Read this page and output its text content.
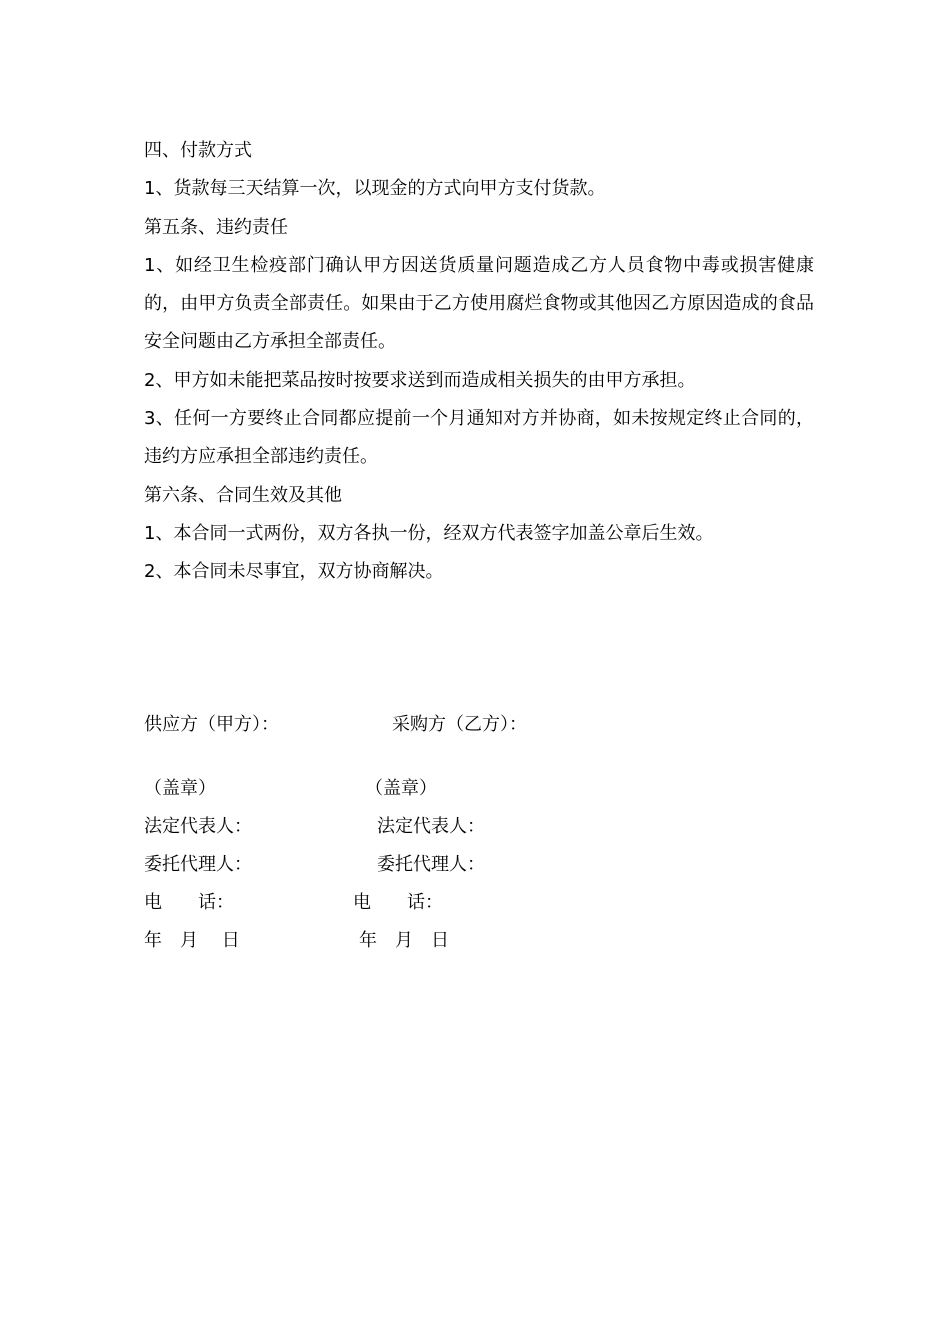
四、付款方式
1、货款每三天结算一次，以现金的方式向甲方支付货款。
第五条、违约责任
1、如经卫生检疫部门确认甲方因送货质量问题造成乙方人员食物中毒或损害健康的，由甲方负责全部责任。如果由于乙方使用腐烂食物或其他因乙方原因造成的食品安全问题由乙方承担全部责任。
2、甲方如未能把菜品按时按要求送到而造成相关损失的由甲方承担。
3、任何一方要终止合同都应提前一个月通知对方并协商，如未按规定终止合同的，违约方应承担全部违约责任。
第六条、合同生效及其他
1、本合同一式两份，双方各执一份，经双方代表签字加盖公章后生效。
2、本合同未尽事宜，双方协商解决。
供应方（甲方）：	采购方（乙方）：
（盖章）	（盖章）
法定代表人：	法定代表人：
委托代理人：	委托代理人：
电　　话：	电　　话：
年　月　 日	年　月　日
